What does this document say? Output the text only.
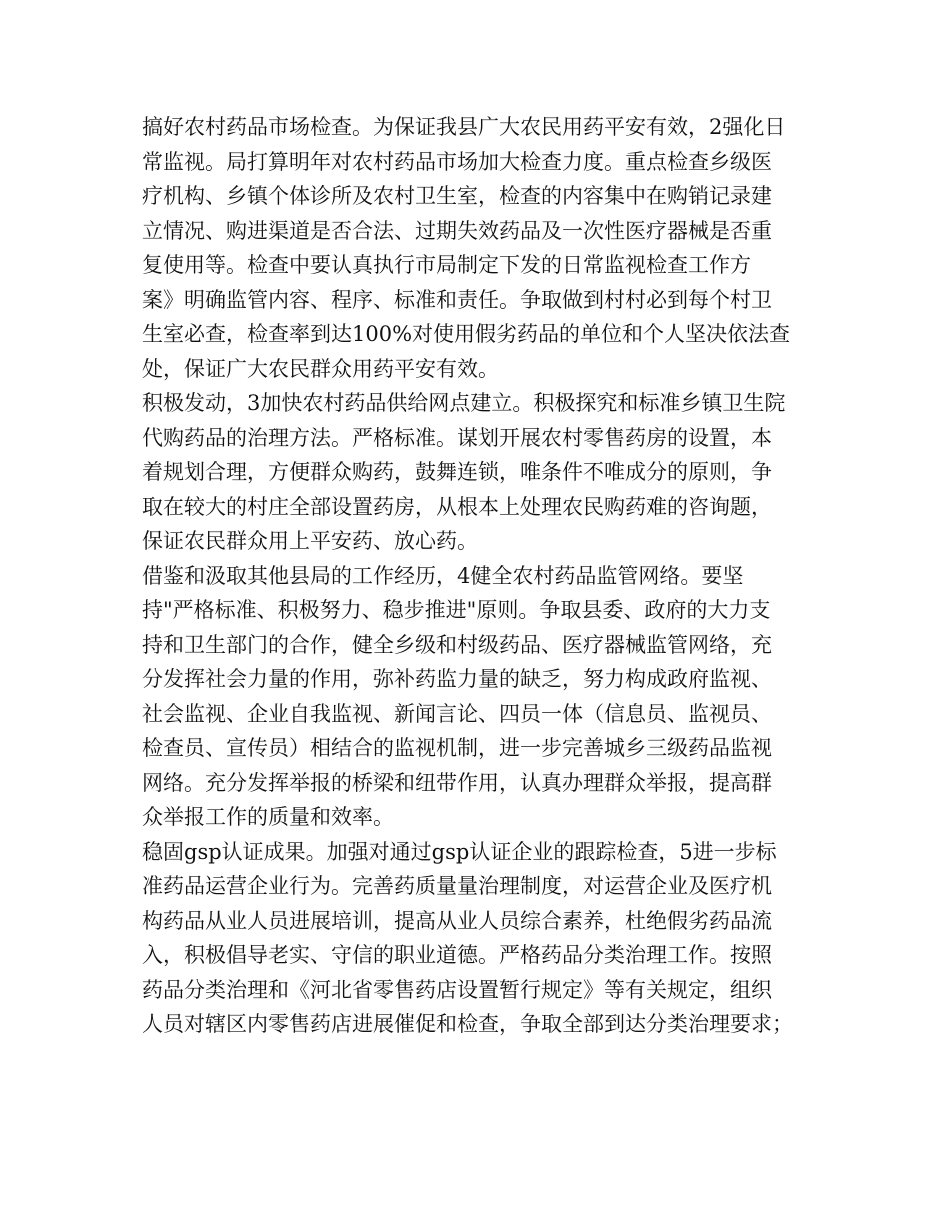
搞好农村药品市场检查。为保证我县广大农民用药平安有效，2强化日
常监视。局打算明年对农村药品市场加大检查力度。重点检查乡级医
疗机构、乡镇个体诊所及农村卫生室，检查的内容集中在购销记录建
立情况、购进渠道是否合法、过期失效药品及一次性医疗器械是否重
复使用等。检查中要认真执行市局制定下发的日常监视检查工作方
案》明确监管内容、程序、标准和责任。争取做到村村必到每个村卫
生室必查，检查率到达100%对使用假劣药品的单位和个人坚决依法查
处，保证广大农民群众用药平安有效。
积极发动，3加快农村药品供给网点建立。积极探究和标准乡镇卫生院
代购药品的治理方法。严格标准。谋划开展农村零售药房的设置，本
着规划合理，方便群众购药，鼓舞连锁，唯条件不唯成分的原则，争
取在较大的村庄全部设置药房，从根本上处理农民购药难的咨询题，
保证农民群众用上平安药、放心药。
借鉴和汲取其他县局的工作经历，4健全农村药品监管网络。要坚
持"严格标准、积极努力、稳步推进"原则。争取县委、政府的大力支
持和卫生部门的合作，健全乡级和村级药品、医疗器械监管网络，充
分发挥社会力量的作用，弥补药监力量的缺乏，努力构成政府监视、
社会监视、企业自我监视、新闻言论、四员一体（信息员、监视员、
检查员、宣传员）相结合的监视机制，进一步完善城乡三级药品监视
网络。充分发挥举报的桥梁和纽带作用，认真办理群众举报，提高群
众举报工作的质量和效率。
稳固gsp认证成果。加强对通过gsp认证企业的跟踪检查，5进一步标
准药品运营企业行为。完善药质量量治理制度，对运营企业及医疗机
构药品从业人员进展培训，提高从业人员综合素养，杜绝假劣药品流
入，积极倡导老实、守信的职业道德。严格药品分类治理工作。按照
药品分类治理和《河北省零售药店设置暂行规定》等有关规定，组织
人员对辖区内零售药店进展催促和检查，争取全部到达分类治理要求；
